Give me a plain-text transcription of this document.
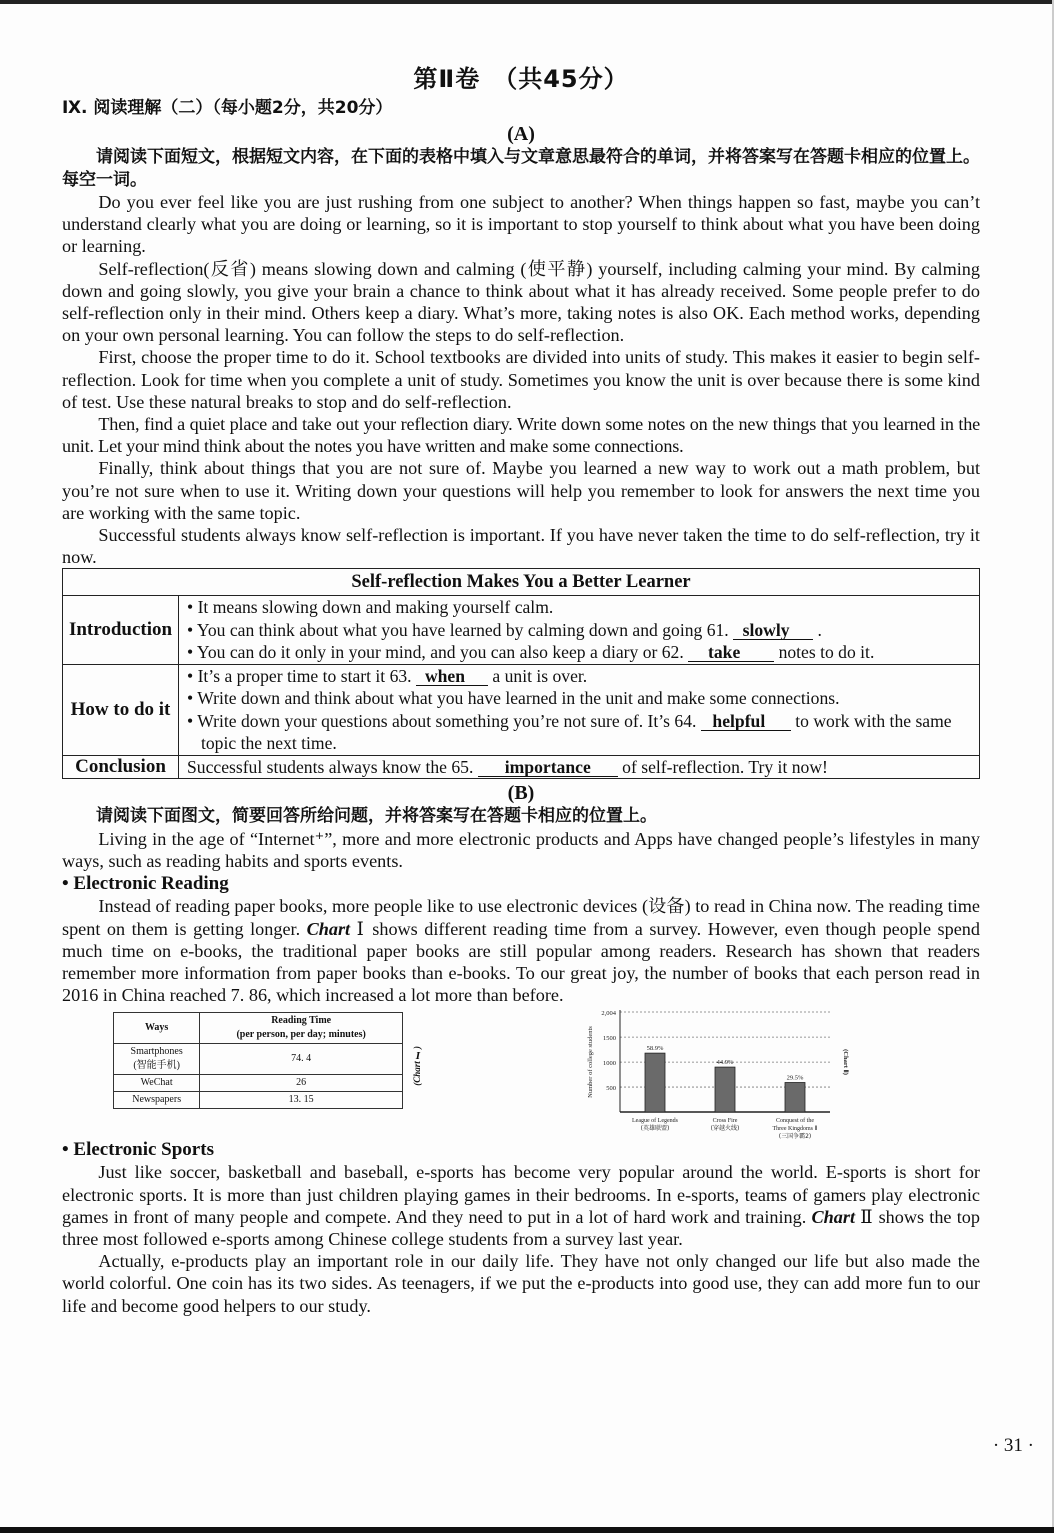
第Ⅱ卷　（共45分）
Ⅸ. 阅读理解（二）（每小题2分，共20分）
(A)
请阅读下面短文，根据短文内容，在下面的表格中填入与文章意思最符合的单词，并将答案写在答题卡相应的位置上。每空一词。

Do you ever feel like you are just rushing from one subject to another? When things happen so fast, maybe you can’t understand clearly what you are doing or learning, so it is important to stop yourself to think about what you have been doing or learning.

Self-reflection(反省) means slowing down and calming (使平静) yourself, including calming your mind. By calming down and going slowly, you give your brain a chance to think about what it has already received. Some people prefer to do self-reflection only in their mind. Others keep a diary. What’s more, taking notes is also OK. Each method works, depending on your own personal learning. You can follow the steps to do self-reflection.

First, choose the proper time to do it. School textbooks are divided into units of study. This makes it easier to begin self-reflection. Look for time when you complete a unit of study. Sometimes you know the unit is over because there is some kind of test. Use these natural breaks to stop and do self-reflection.

Then, find a quiet place and take out your reflection diary. Write down some notes on the new things that you learned in the unit. Let your mind think about the notes you have written and make some connections.

Finally, think about things that you are not sure of. Maybe you learned a new way to work out a math problem, but you’re not sure when to use it. Writing down your questions will help you remember to look for answers the next time you are working with the same topic.

Successful students always know self-reflection is important. If you have never taken the time to do self-reflection, try it now.

Self-reflection Makes You a Better Learner	
Introduction	• It means slowing down and making yourself calm.
• You can think about what you have learned by calming down and going 61. slowly .
• You can do it only in your mind, and you can also keep a diary or 62. take notes to do it.

How to do it	• It’s a proper time to start it 63. when a unit is over.
• Write down and think about what you have learned in the unit and make some connections.
• Write down your questions about something you’re not sure of. It’s 64. helpful to work with the same topic the next time.

Conclusion	Successful students always know the 65. importance of self-reflection. Try it now!
(B)
请阅读下面图文，简要回答所给问题，并将答案写在答题卡相应的位置上。

Living in the age of “Internet⁺”, more and more electronic products and Apps have changed people’s lifestyles in many ways, such as reading habits and sports events.

• Electronic Reading

Instead of reading paper books, more people like to use electronic devices (设备) to read in China now. The reading time spent on them is getting longer. Chart Ⅰ shows different reading time from a survey. However, even though people spend much time on e-books, the traditional paper books are still popular among readers. Research has shown that readers remember more information from paper books than e-books. To our great joy, the number of books that each person read in 2016 in China reached 7. 86, which increased a lot more than before.

Ways	Reading Time
(per person, per day; minutes)
Smartphones
(智能手机)	74. 4
WeChat	26
Newspapers	13. 15
(Chart Ⅰ)
500
1000
1500
2,004
Number of college students	58.9%
League of Legends
(英雄联盟)
44.9%
Cross Fire
(穿越火线)
29.5%
Conquest of the
Three Kingdoms Ⅱ
(三国争霸2)
(Chart Ⅱ)
• Electronic Sports

Just like soccer, basketball and baseball, e-sports has become very popular around the world. E-sports is short for electronic sports. It is more than just children playing games in their bedrooms. In e-sports, teams of gamers play electronic games in front of many people and compete. And they need to put in a lot of hard work and training. Chart Ⅱ shows the top three most followed e-sports among Chinese college students from a survey last year.

Actually, e-products play an important role in our daily life. They have not only changed our life but also made the world colorful. One coin has its two sides. As teenagers, if we put the e-products into good use, they can add more fun to our life and become good helpers to our study.

· 31 ·
